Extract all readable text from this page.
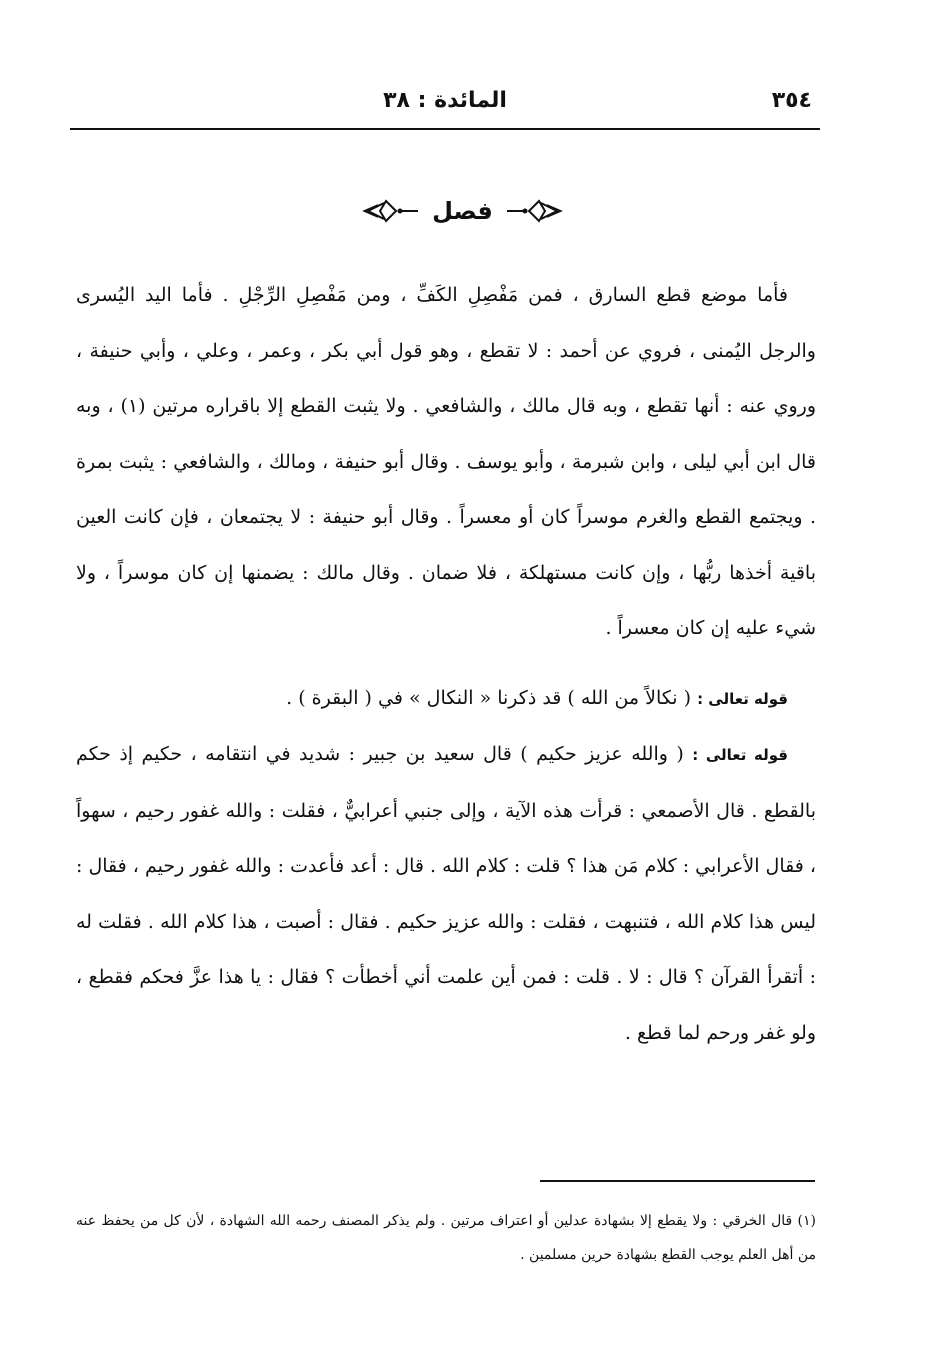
٣٥٤
المائدة : ٣٨
فصل

فأما موضع قطع السارق ، فمن مَفْصِلِ الكَفِّ ، ومن مَفْصِلِ الرِّجْلِ . فأما اليد اليُسرى والرجل اليُمنى ، فروي عن أحمد : لا تقطع ، وهو قول أبي بكر ، وعمر ، وعلي ، وأبي حنيفة ، وروي عنه : أنها تقطع ، وبه قال مالك ، والشافعي . ولا يثبت القطع إلا باقراره مرتين (١) ، وبه قال ابن أبي ليلى ، وابن شبرمة ، وأبو يوسف . وقال أبو حنيفة ، ومالك ، والشافعي : يثبت بمرة . ويجتمع القطع والغرم موسراً كان أو معسراً . وقال أبو حنيفة : لا يجتمعان ، فإن كانت العين باقية أخذها ربُّها ، وإن كانت مستهلكة ، فلا ضمان . وقال مالك : يضمنها إن كان موسراً ، ولا شيء عليه إن كان معسراً .

قوله تعالى : ( نكالاً من الله ) قد ذكرنا « النكال » في ( البقرة ) .

قوله تعالى : ( والله عزيز حكيم ) قال سعيد بن جبير : شديد في انتقامه ، حكيم إذ حكم بالقطع . قال الأصمعي : قرأت هذه الآية ، وإلى جنبي أعرابيٌّ ، فقلت : والله غفور رحيم ، سهواً ، فقال الأعرابي : كلام مَن هذا ؟ قلت : كلام الله . قال : أعد فأعدت : والله غفور رحيم ، فقال : ليس هذا كلام الله ، فتنبهت ، فقلت : والله عزيز حكيم . فقال : أصبت ، هذا كلام الله . فقلت له : أتقرأ القرآن ؟ قال : لا . قلت : فمن أين علمت أني أخطأت ؟ فقال : يا هذا عزَّ فحكم فقطع ، ولو غفر ورحم لما قطع .

(١) قال الخرقي : ولا يقطع إلا بشهادة عدلين أو اعتراف مرتين . ولم يذكر المصنف رحمه الله الشهادة ، لأن كل من يحفظ عنه من أهل العلم يوجب القطع بشهادة حرين مسلمين .
